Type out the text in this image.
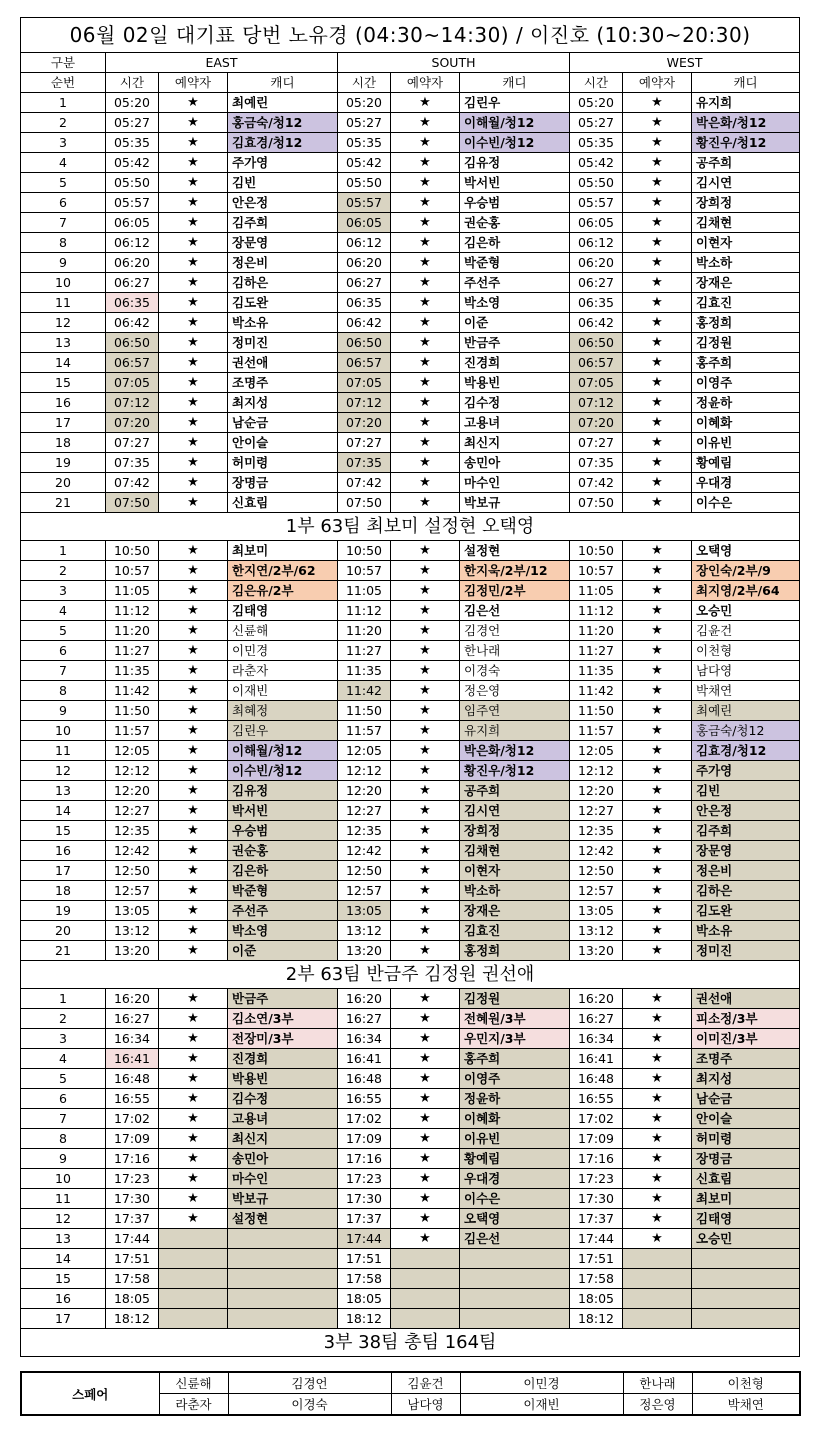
06월 02일 대기표 당번 노유경 (04:30~14:30) / 이진호 (10:30~20:30)									
구분	EAST			SOUTH			WEST		
순번	시간	예약자	캐디	시간	예약자	캐디	시간	예약자	캐디
1	05:20	★	최예린	05:20	★	김린우	05:20	★	유지희
2	05:27	★	홍금숙/청12	05:27	★	이해월/청12	05:27	★	박은화/청12
3	05:35	★	김효경/청12	05:35	★	이수빈/청12	05:35	★	황진우/청12
4	05:42	★	주가영	05:42	★	김유정	05:42	★	공주희
5	05:50	★	김빈	05:50	★	박서빈	05:50	★	김시연
6	05:57	★	안은정	05:57	★	우승범	05:57	★	장희정
7	06:05	★	김주희	06:05	★	권순홍	06:05	★	김채현
8	06:12	★	장문영	06:12	★	김은하	06:12	★	이현자
9	06:20	★	정은비	06:20	★	박준형	06:20	★	박소하
10	06:27	★	김하은	06:27	★	주선주	06:27	★	장재은
11	06:35	★	김도완	06:35	★	박소영	06:35	★	김효진
12	06:42	★	박소유	06:42	★	이준	06:42	★	홍정희
13	06:50	★	정미진	06:50	★	반금주	06:50	★	김정원
14	06:57	★	권선애	06:57	★	진경희	06:57	★	홍주희
15	07:05	★	조명주	07:05	★	박용빈	07:05	★	이영주
16	07:12	★	최지성	07:12	★	김수정	07:12	★	정윤하
17	07:20	★	남순금	07:20	★	고용녀	07:20	★	이혜화
18	07:27	★	안이슬	07:27	★	최신지	07:27	★	이유빈
19	07:35	★	허미령	07:35	★	송민아	07:35	★	황예림
20	07:42	★	장명금	07:42	★	마수인	07:42	★	우대경
21	07:50	★	신효림	07:50	★	박보규	07:50	★	이수은
1부 63팀 최보미 설정현 오택영									
1	10:50	★	최보미	10:50	★	설정현	10:50	★	오택영
2	10:57	★	한지연/2부/62	10:57	★	한지욱/2부/12	10:57	★	장인숙/2부/9
3	11:05	★	김은유/2부	11:05	★	김정민/2부	11:05	★	최지영/2부/64
4	11:12	★	김태영	11:12	★	김은선	11:12	★	오승민
5	11:20	★	신륜해	11:20	★	김경언	11:20	★	김윤건
6	11:27	★	이민경	11:27	★	한나래	11:27	★	이천형
7	11:35	★	라춘자	11:35	★	이경숙	11:35	★	남다영
8	11:42	★	이재빈	11:42	★	정은영	11:42	★	박채연
9	11:50	★	최혜정	11:50	★	임주연	11:50	★	최예린
10	11:57	★	김린우	11:57	★	유지희	11:57	★	홍금숙/청12
11	12:05	★	이해월/청12	12:05	★	박은화/청12	12:05	★	김효경/청12
12	12:12	★	이수빈/청12	12:12	★	황진우/청12	12:12	★	주가영
13	12:20	★	김유정	12:20	★	공주희	12:20	★	김빈
14	12:27	★	박서빈	12:27	★	김시연	12:27	★	안은정
15	12:35	★	우승범	12:35	★	장희정	12:35	★	김주희
16	12:42	★	권순홍	12:42	★	김채현	12:42	★	장문영
17	12:50	★	김은하	12:50	★	이현자	12:50	★	정은비
18	12:57	★	박준형	12:57	★	박소하	12:57	★	김하은
19	13:05	★	주선주	13:05	★	장재은	13:05	★	김도완
20	13:12	★	박소영	13:12	★	김효진	13:12	★	박소유
21	13:20	★	이준	13:20	★	홍정희	13:20	★	정미진
2부 63팀 반금주 김정원 권선애									
1	16:20	★	반금주	16:20	★	김정원	16:20	★	권선애
2	16:27	★	김소연/3부	16:27	★	전혜원/3부	16:27	★	피소정/3부
3	16:34	★	전장미/3부	16:34	★	우민지/3부	16:34	★	이미진/3부
4	16:41	★	진경희	16:41	★	홍주희	16:41	★	조명주
5	16:48	★	박용빈	16:48	★	이영주	16:48	★	최지성
6	16:55	★	김수정	16:55	★	정윤하	16:55	★	남순금
7	17:02	★	고용녀	17:02	★	이혜화	17:02	★	안이슬
8	17:09	★	최신지	17:09	★	이유빈	17:09	★	허미령
9	17:16	★	송민아	17:16	★	황예림	17:16	★	장명금
10	17:23	★	마수인	17:23	★	우대경	17:23	★	신효림
11	17:30	★	박보규	17:30	★	이수은	17:30	★	최보미
12	17:37	★	설정현	17:37	★	오택영	17:37	★	김태영
13	17:44			17:44	★	김은선	17:44	★	오승민
14	17:51			17:51			17:51		
15	17:58			17:58			17:58		
16	18:05			18:05			18:05		
17	18:12			18:12			18:12		
3부 38팀 총팀 164팀									
스페어	신륜해	김경언	김윤건	이민경	한나래	이천형
	라춘자	이경숙	남다영	이재빈	정은영	박채연
